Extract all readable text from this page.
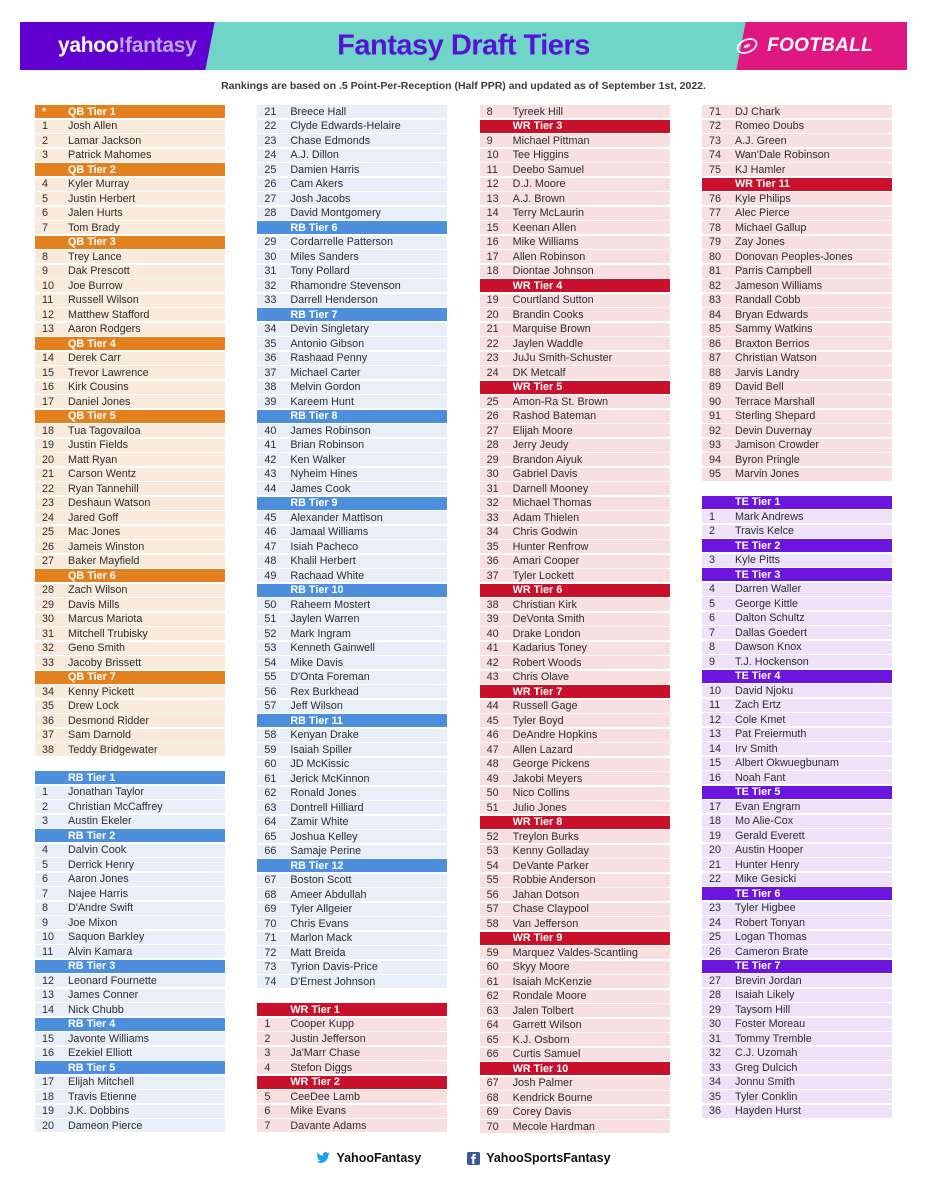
yahoo!fantasy	Fantasy Draft Tiers	FOOTBALL
Rankings are based on .5 Point-Per-Reception (Half PPR) and updated as of September 1st, 2022.
*	QB Tier 1
1	Josh Allen
2	Lamar Jackson
3	Patrick Mahomes
QB Tier 2
4	Kyler Murray
5	Justin Herbert
6	Jalen Hurts
7	Tom Brady
QB Tier 3
8	Trey Lance
9	Dak Prescott
10	Joe Burrow
11	Russell Wilson
12	Matthew Stafford
13	Aaron Rodgers
QB Tier 4
14	Derek Carr
15	Trevor Lawrence
16	Kirk Cousins
17	Daniel Jones
QB Tier 5
18	Tua Tagovailoa
19	Justin Fields
20	Matt Ryan
21	Carson Wentz
22	Ryan Tannehill
23	Deshaun Watson
24	Jared Goff
25	Mac Jones
26	Jameis Winston
27	Baker Mayfield
QB Tier 6
28	Zach Wilson
29	Davis Mills
30	Marcus Mariota
31	Mitchell Trubisky
32	Geno Smith
33	Jacoby Brissett
QB Tier 7
34	Kenny Pickett
35	Drew Lock
36	Desmond Ridder
37	Sam Darnold
38	Teddy Bridgewater
RB Tier 1
1	Jonathan Taylor
2	Christian McCaffrey
3	Austin Ekeler
RB Tier 2
4	Dalvin Cook
5	Derrick Henry
6	Aaron Jones
7	Najee Harris
8	D'Andre Swift
9	Joe Mixon
10	Saquon Barkley
11	Alvin Kamara
RB Tier 3
12	Leonard Fournette
13	James Conner
14	Nick Chubb
RB Tier 4
15	Javonte Williams
16	Ezekiel Elliott
RB Tier 5
17	Elijah Mitchell
18	Travis Etienne
19	J.K. Dobbins
20	Dameon Pierce
21	Breece Hall
22	Clyde Edwards-Helaire
23	Chase Edmonds
24	A.J. Dillon
25	Damien Harris
26	Cam Akers
27	Josh Jacobs
28	David Montgomery
RB Tier 6
29	Cordarrelle Patterson
30	Miles Sanders
31	Tony Pollard
32	Rhamondre Stevenson
33	Darrell Henderson
RB Tier 7
34	Devin Singletary
35	Antonio Gibson
36	Rashaad Penny
37	Michael Carter
38	Melvin Gordon
39	Kareem Hunt
RB Tier 8
40	James Robinson
41	Brian Robinson
42	Ken Walker
43	Nyheim Hines
44	James Cook
RB Tier 9
45	Alexander Mattison
46	Jamaal Williams
47	Isiah Pacheco
48	Khalil Herbert
49	Rachaad White
RB Tier 10
50	Raheem Mostert
51	Jaylen Warren
52	Mark Ingram
53	Kenneth Gainwell
54	Mike Davis
55	D'Onta Foreman
56	Rex Burkhead
57	Jeff Wilson
RB Tier 11
58	Kenyan Drake
59	Isaiah Spiller
60	JD McKissic
61	Jerick McKinnon
62	Ronald Jones
63	Dontrell Hilliard
64	Zamir White
65	Joshua Kelley
66	Samaje Perine
RB Tier 12
67	Boston Scott
68	Ameer Abdullah
69	Tyler Allgeier
70	Chris Evans
71	Marlon Mack
72	Matt Breida
73	Tyrion Davis-Price
74	D'Ernest Johnson
WR Tier 1
1	Cooper Kupp
2	Justin Jefferson
3	Ja'Marr Chase
4	Stefon Diggs
WR Tier 2
5	CeeDee Lamb
6	Mike Evans
7	Davante Adams
8	Tyreek Hill
WR Tier 3
9	Michael Pittman
10	Tee Higgins
11	Deebo Samuel
12	D.J. Moore
13	A.J. Brown
14	Terry McLaurin
15	Keenan Allen
16	Mike Williams
17	Allen Robinson
18	Diontae Johnson
WR Tier 4
19	Courtland Sutton
20	Brandin Cooks
21	Marquise Brown
22	Jaylen Waddle
23	JuJu Smith-Schuster
24	DK Metcalf
WR Tier 5
25	Amon-Ra St. Brown
26	Rashod Bateman
27	Elijah Moore
28	Jerry Jeudy
29	Brandon Aiyuk
30	Gabriel Davis
31	Darnell Mooney
32	Michael Thomas
33	Adam Thielen
34	Chris Godwin
35	Hunter Renfrow
36	Amari Cooper
37	Tyler Lockett
WR Tier 6
38	Christian Kirk
39	DeVonta Smith
40	Drake London
41	Kadarius Toney
42	Robert Woods
43	Chris Olave
WR Tier 7
44	Russell Gage
45	Tyler Boyd
46	DeAndre Hopkins
47	Allen Lazard
48	George Pickens
49	Jakobi Meyers
50	Nico Collins
51	Julio Jones
WR Tier 8
52	Treylon Burks
53	Kenny Golladay
54	DeVante Parker
55	Robbie Anderson
56	Jahan Dotson
57	Chase Claypool
58	Van Jefferson
WR Tier 9
59	Marquez Valdes-Scantling
60	Skyy Moore
61	Isaiah McKenzie
62	Rondale Moore
63	Jalen Tolbert
64	Garrett Wilson
65	K.J. Osborn
66	Curtis Samuel
WR Tier 10
67	Josh Palmer
68	Kendrick Bourne
69	Corey Davis
70	Mecole Hardman
71	DJ Chark
72	Romeo Doubs
73	A.J. Green
74	Wan'Dale Robinson
75	KJ Hamler
WR Tier 11
76	Kyle Philips
77	Alec Pierce
78	Michael Gallup
79	Zay Jones
80	Donovan Peoples-Jones
81	Parris Campbell
82	Jameson Williams
83	Randall Cobb
84	Bryan Edwards
85	Sammy Watkins
86	Braxton Berrios
87	Christian Watson
88	Jarvis Landry
89	David Bell
90	Terrace Marshall
91	Sterling Shepard
92	Devin Duvernay
93	Jamison Crowder
94	Byron Pringle
95	Marvin Jones
TE Tier 1
1	Mark Andrews
2	Travis Kelce
TE Tier 2
3	Kyle Pitts
TE Tier 3
4	Darren Waller
5	George Kittle
6	Dalton Schultz
7	Dallas Goedert
8	Dawson Knox
9	T.J. Hockenson
TE Tier 4
10	David Njoku
11	Zach Ertz
12	Cole Kmet
13	Pat Freiermuth
14	Irv Smith
15	Albert Okwuegbunam
16	Noah Fant
TE Tier 5
17	Evan Engram
18	Mo Alie-Cox
19	Gerald Everett
20	Austin Hooper
21	Hunter Henry
22	Mike Gesicki
TE Tier 6
23	Tyler Higbee
24	Robert Tonyan
25	Logan Thomas
26	Cameron Brate
TE Tier 7
27	Brevin Jordan
28	Isaiah Likely
29	Taysom Hill
30	Foster Moreau
31	Tommy Tremble
32	C.J. Uzomah
33	Greg Dulcich
34	Jonnu Smith
35	Tyler Conklin
36	Hayden Hurst
YahooFantasy	YahooSportsFantasy
